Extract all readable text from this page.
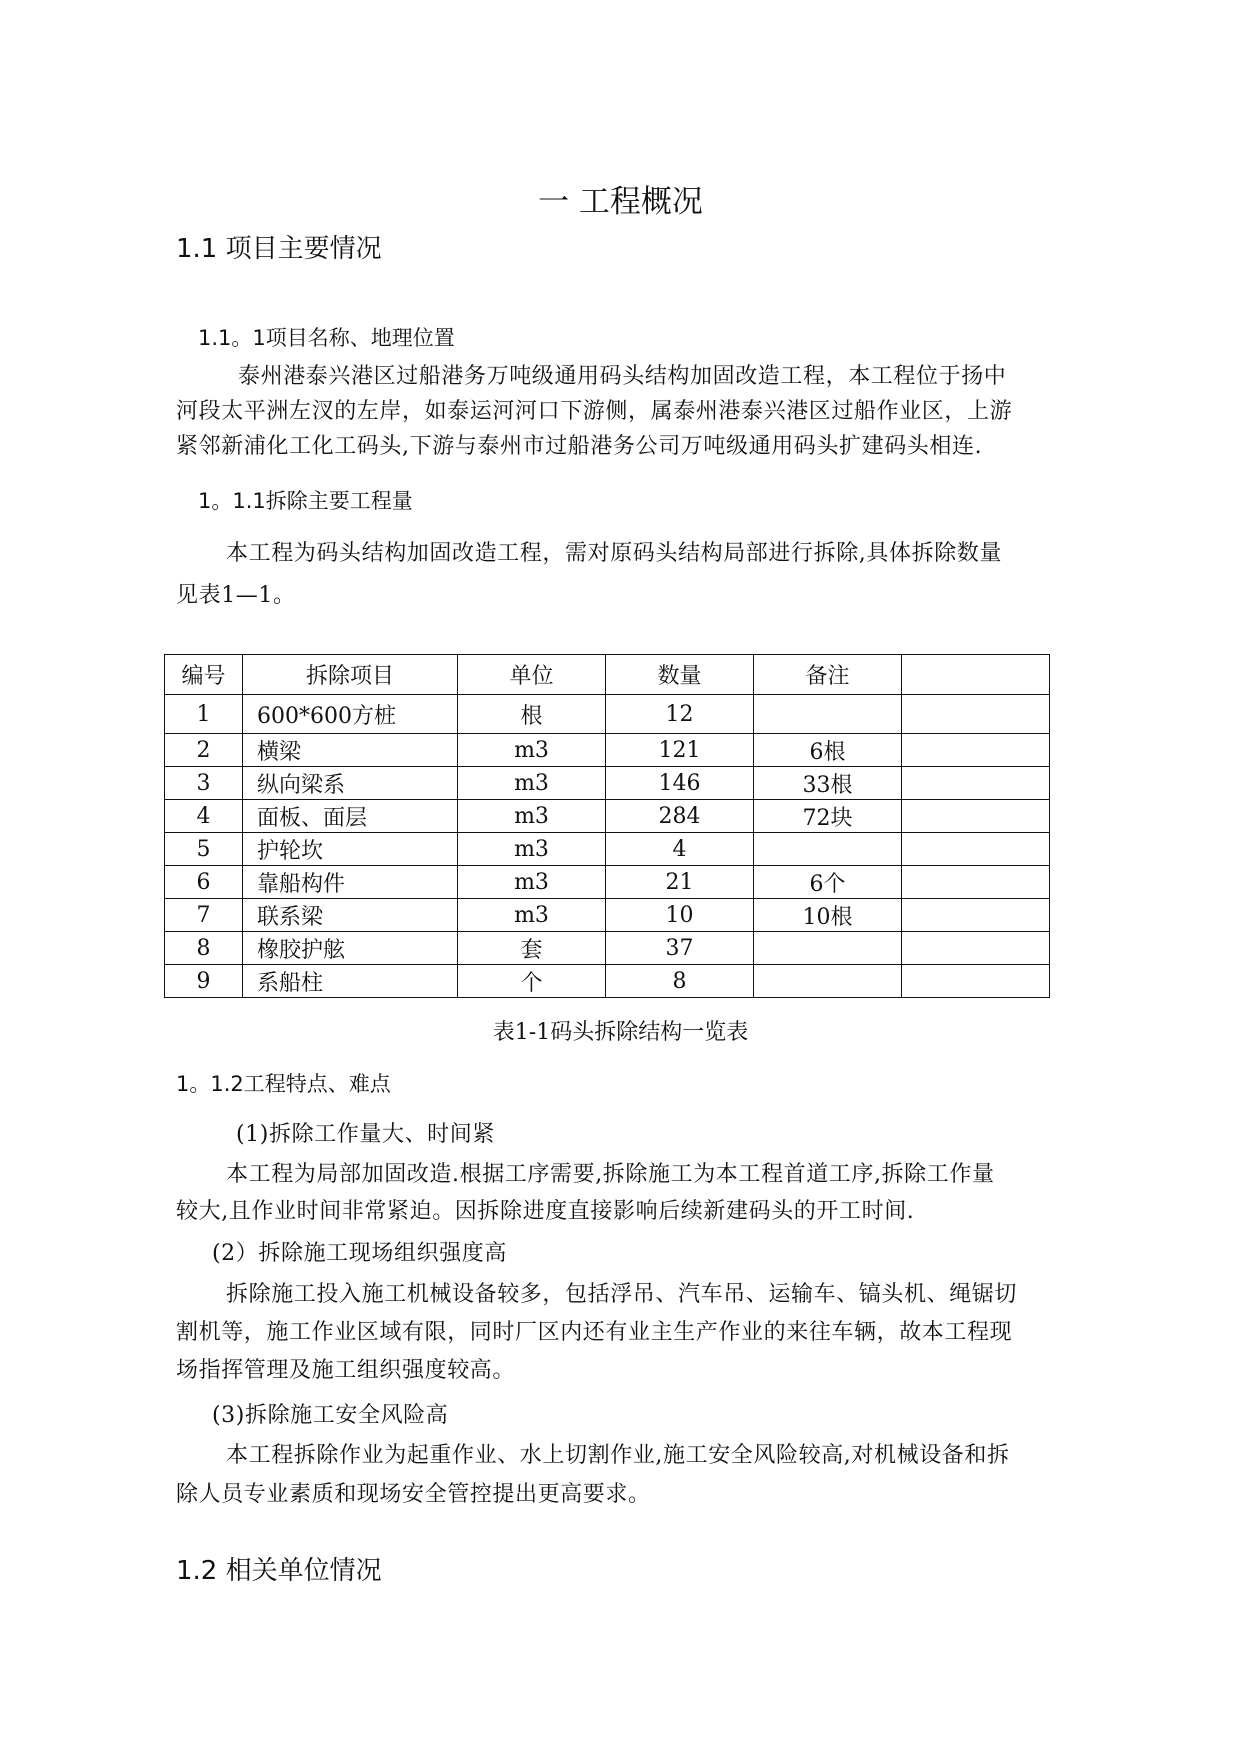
一 工程概况
1.1 项目主要情况
1.1。1项目名称、地理位置
泰州港泰兴港区过船港务万吨级通用码头结构加固改造工程，本工程位于扬中
河段太平洲左汊的左岸，如泰运河河口下游侧，属泰州港泰兴港区过船作业区，上游
紧邻新浦化工化工码头,下游与泰州市过船港务公司万吨级通用码头扩建码头相连.
1。1.1拆除主要工程量
本工程为码头结构加固改造工程，需对原码头结构局部进行拆除,具体拆除数量
见表1—1。
编号	拆除项目	单位	数量	备注	
1	600*600方桩	根	12		
2	横梁	m3	121	6根	
3	纵向梁系	m3	146	33根	
4	面板、面层	m3	284	72块	
5	护轮坎	m3	4		
6	靠船构件	m3	21	6个	
7	联系梁	m3	10	10根	
8	橡胶护舷	套	37		
9	系船柱	个	8		
表1-1码头拆除结构一览表
1。1.2工程特点、难点
(1)拆除工作量大、时间紧
本工程为局部加固改造.根据工序需要,拆除施工为本工程首道工序,拆除工作量
较大,且作业时间非常紧迫。因拆除进度直接影响后续新建码头的开工时间.
(2）拆除施工现场组织强度高
拆除施工投入施工机械设备较多，包括浮吊、汽车吊、运输车、镐头机、绳锯切
割机等，施工作业区域有限，同时厂区内还有业主生产作业的来往车辆，故本工程现
场指挥管理及施工组织强度较高。
(3)拆除施工安全风险高
本工程拆除作业为起重作业、水上切割作业,施工安全风险较高,对机械设备和拆
除人员专业素质和现场安全管控提出更高要求。
1.2 相关单位情况
